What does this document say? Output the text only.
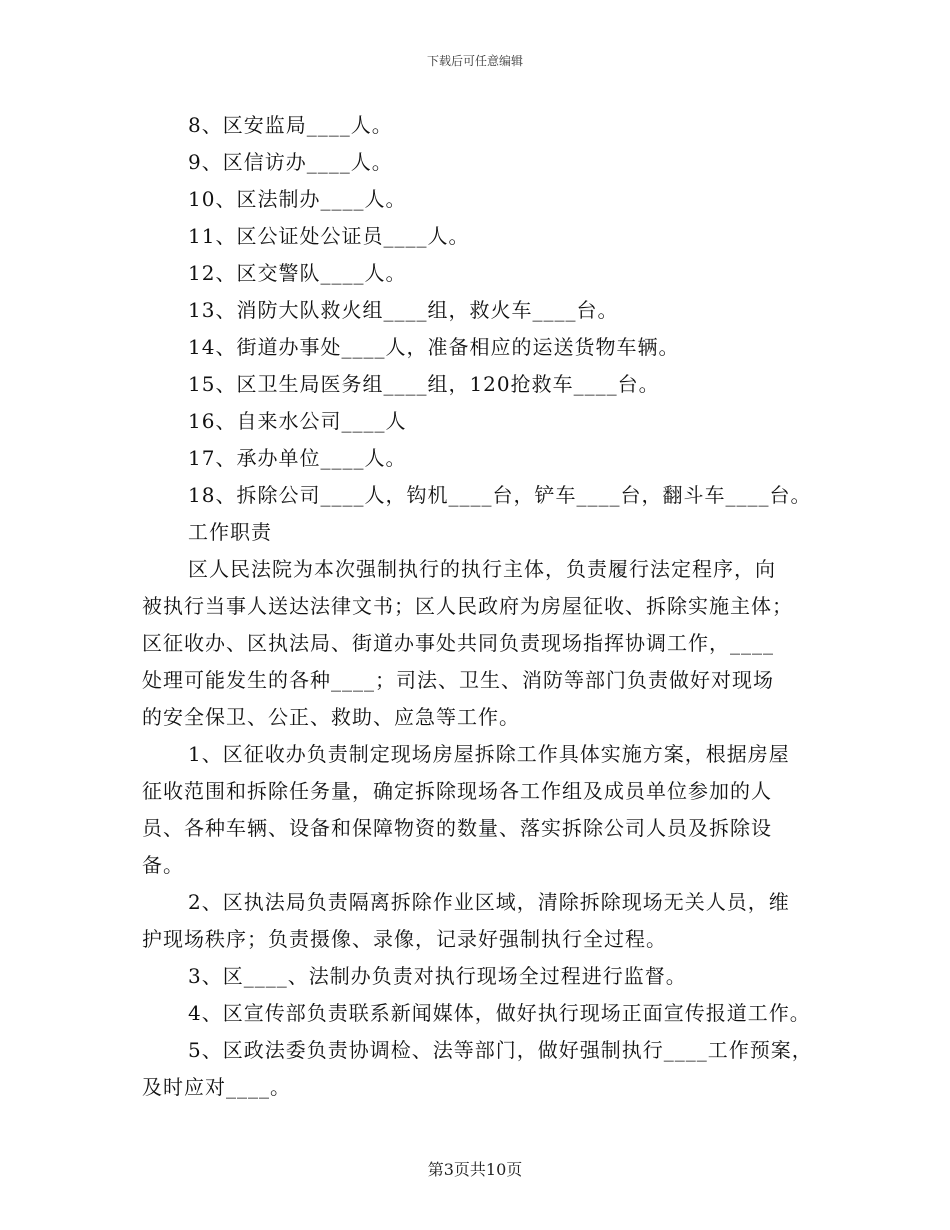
下载后可任意编辑
8、区安监局____人。
9、区信访办____人。
10、区法制办____人。
11、区公证处公证员____人。
12、区交警队____人。
13、消防大队救火组____组，救火车____台。
14、街道办事处____人，准备相应的运送货物车辆。
15、区卫生局医务组____组，120抢救车____台。
16、自来水公司____人
17、承办单位____人。
18、拆除公司____人，钩机____台，铲车____台，翻斗车____台。
工作职责
区人民法院为本次强制执行的执行主体，负责履行法定程序，向
被执行当事人送达法律文书；区人民政府为房屋征收、拆除实施主体；
区征收办、区执法局、街道办事处共同负责现场指挥协调工作，____
处理可能发生的各种____；司法、卫生、消防等部门负责做好对现场
的安全保卫、公正、救助、应急等工作。
1、区征收办负责制定现场房屋拆除工作具体实施方案，根据房屋
征收范围和拆除任务量，确定拆除现场各工作组及成员单位参加的人
员、各种车辆、设备和保障物资的数量、落实拆除公司人员及拆除设
备。
2、区执法局负责隔离拆除作业区域，清除拆除现场无关人员，维
护现场秩序；负责摄像、录像，记录好强制执行全过程。
3、区____、法制办负责对执行现场全过程进行监督。
4、区宣传部负责联系新闻媒体，做好执行现场正面宣传报道工作。
5、区政法委负责协调检、法等部门，做好强制执行____工作预案，
及时应对____。
第3页共10页
